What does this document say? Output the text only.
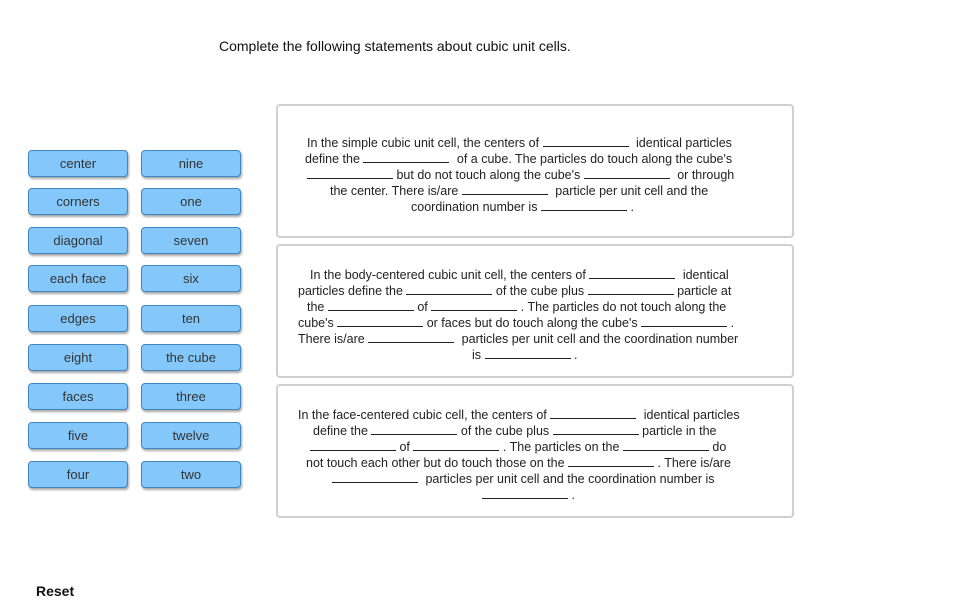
Complete the following statements about cubic unit cells.
center
corners
diagonal
each face
edges
eight
faces
five
four
nine
one
seven
six
ten
the cube
three
twelve
two
In the simple cubic unit cell, the centers of	identical particles
define the	of a cube. The particles do touch along the cube's
but do not touch along the cube's	or through
the center. There is/are	particle per unit cell and the
coordination number is	.
In the body-centered cubic unit cell, the centers of	identical
particles define the	of the cube plus	particle at
the	of	. The particles do not touch along the
cube's	or faces but do touch along the cube's	.
There is/are	particles per unit cell and the coordination number
is	.
In the face-centered cubic cell, the centers of	identical particles
define the	of the cube plus	particle in the
of	. The particles on the	do
not touch each other but do touch those on the	. There is/are
particles per unit cell and the coordination number is
.
Reset
